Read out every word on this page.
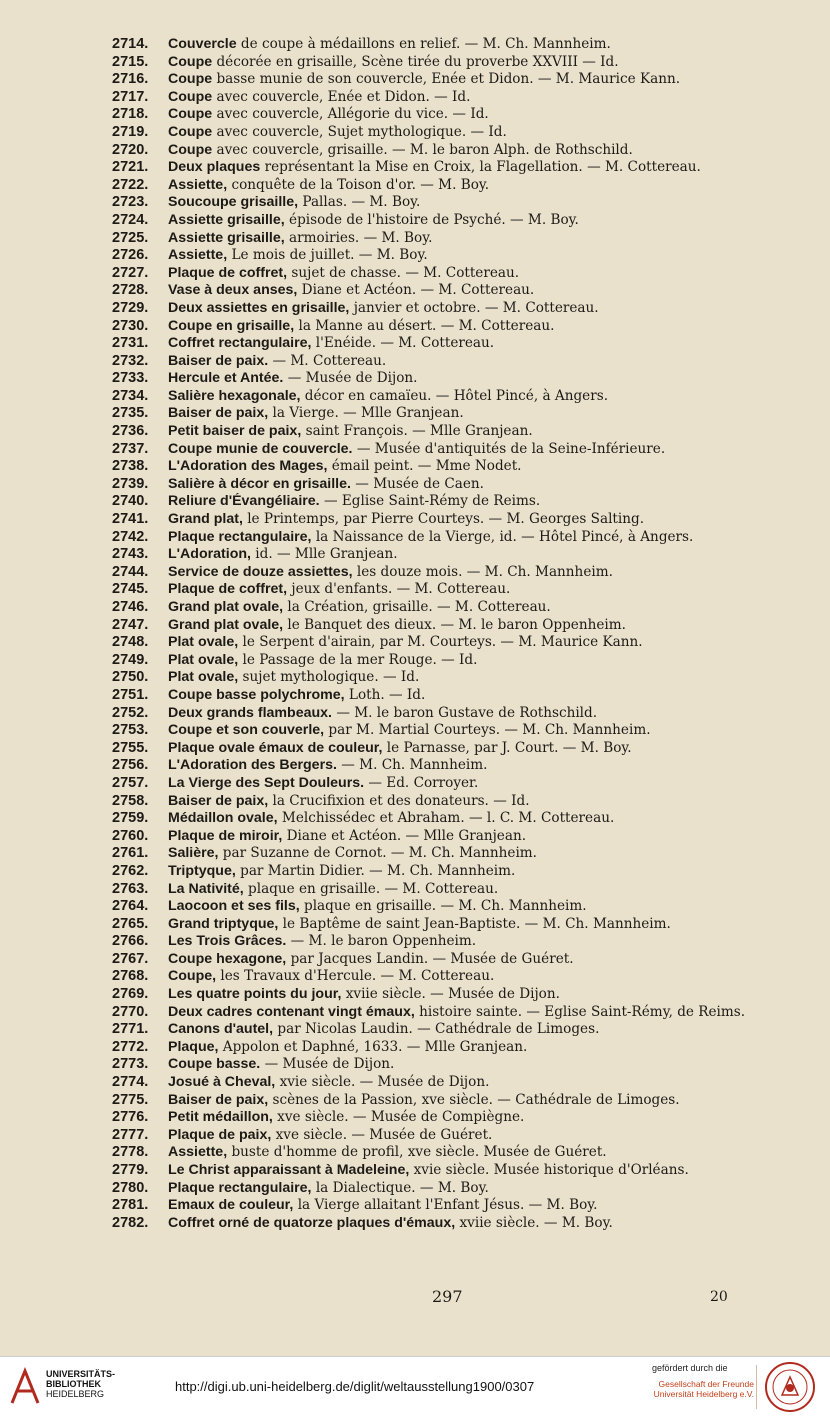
2714.	Couvercle de coupe à médaillons en relief. — M. Ch. Mannheim.
2715.	Coupe décorée en grisaille, Scène tirée du proverbe XXVIII — Id.
2716.	Coupe basse munie de son couvercle, Enée et Didon. — M. Maurice Kann.
2717.	Coupe avec couvercle, Enée et Didon. — Id.
2718.	Coupe avec couvercle, Allégorie du vice. — Id.
2719.	Coupe avec couvercle, Sujet mythologique. — Id.
2720.	Coupe avec couvercle, grisaille. — M. le baron Alph. de Rothschild.
2721.	Deux plaques représentant la Mise en Croix, la Flagellation. — M. Cottereau.
2722.	Assiette, conquête de la Toison d'or. — M. Boy.
2723.	Soucoupe grisaille, Pallas. — M. Boy.
2724.	Assiette grisaille, épisode de l'histoire de Psyché. — M. Boy.
2725.	Assiette grisaille, armoiries. — M. Boy.
2726.	Assiette, Le mois de juillet. — M. Boy.
2727.	Plaque de coffret, sujet de chasse. — M. Cottereau.
2728.	Vase à deux anses, Diane et Actéon. — M. Cottereau.
2729.	Deux assiettes en grisaille, janvier et octobre. — M. Cottereau.
2730.	Coupe en grisaille, la Manne au désert. — M. Cottereau.
2731.	Coffret rectangulaire, l'Enéide. — M. Cottereau.
2732.	Baiser de paix. — M. Cottereau.
2733.	Hercule et Antée. — Musée de Dijon.
2734.	Salière hexagonale, décor en camaïeu. — Hôtel Pincé, à Angers.
2735.	Baiser de paix, la Vierge. — Mlle Granjean.
2736.	Petit baiser de paix, saint François. — Mlle Granjean.
2737.	Coupe munie de couvercle. — Musée d'antiquités de la Seine-Inférieure.
2738.	L'Adoration des Mages, émail peint. — Mme Nodet.
2739.	Salière à décor en grisaille. — Musée de Caen.
2740.	Reliure d'Évangéliaire. — Eglise Saint-Rémy de Reims.
2741.	Grand plat, le Printemps, par Pierre Courteys. — M. Georges Salting.
2742.	Plaque rectangulaire, la Naissance de la Vierge, id. — Hôtel Pincé, à Angers.
2743.	L'Adoration, id. — Mlle Granjean.
2744.	Service de douze assiettes, les douze mois. — M. Ch. Mannheim.
2745.	Plaque de coffret, jeux d'enfants. — M. Cottereau.
2746.	Grand plat ovale, la Création, grisaille. — M. Cottereau.
2747.	Grand plat ovale, le Banquet des dieux. — M. le baron Oppenheim.
2748.	Plat ovale, le Serpent d'airain, par M. Courteys. — M. Maurice Kann.
2749.	Plat ovale, le Passage de la mer Rouge. — Id.
2750.	Plat ovale, sujet mythologique. — Id.
2751.	Coupe basse polychrome, Loth. — Id.
2752.	Deux grands flambeaux. — M. le baron Gustave de Rothschild.
2753.	Coupe et son couverle, par M. Martial Courteys. — M. Ch. Mannheim.
2755.	Plaque ovale émaux de couleur, le Parnasse, par J. Court. — M. Boy.
2756.	L'Adoration des Bergers. — M. Ch. Mannheim.
2757.	La Vierge des Sept Douleurs. — Ed. Corroyer.
2758.	Baiser de paix, la Crucifixion et des donateurs. — Id.
2759.	Médaillon ovale, Melchissédec et Abraham. — l. C. M. Cottereau.
2760.	Plaque de miroir, Diane et Actéon. — Mlle Granjean.
2761.	Salière, par Suzanne de Cornot. — M. Ch. Mannheim.
2762.	Triptyque, par Martin Didier. — M. Ch. Mannheim.
2763.	La Nativité, plaque en grisaille. — M. Cottereau.
2764.	Laocoon et ses fils, plaque en grisaille. — M. Ch. Mannheim.
2765.	Grand triptyque, le Baptême de saint Jean-Baptiste. — M. Ch. Mannheim.
2766.	Les Trois Grâces. — M. le baron Oppenheim.
2767.	Coupe hexagone, par Jacques Landin. — Musée de Guéret.
2768.	Coupe, les Travaux d'Hercule. — M. Cottereau.
2769.	Les quatre points du jour, xviie siècle. — Musée de Dijon.
2770.	Deux cadres contenant vingt émaux, histoire sainte. — Eglise Saint-Rémy, de Reims.
2771.	Canons d'autel, par Nicolas Laudin. — Cathédrale de Limoges.
2772.	Plaque, Appolon et Daphné, 1633. — Mlle Granjean.
2773.	Coupe basse. — Musée de Dijon.
2774.	Josué à Cheval, xvie siècle. — Musée de Dijon.
2775.	Baiser de paix, scènes de la Passion, xve siècle. — Cathédrale de Limoges.
2776.	Petit médaillon, xve siècle. — Musée de Compiègne.
2777.	Plaque de paix, xve siècle. — Musée de Guéret.
2778.	Assiette, buste d'homme de profil, xve siècle. Musée de Guéret.
2779.	Le Christ apparaissant à Madeleine, xvie siècle. Musée historique d'Orléans.
2780.	Plaque rectangulaire, la Dialectique. — M. Boy.
2781.	Emaux de couleur, la Vierge allaitant l'Enfant Jésus. — M. Boy.
2782.	Coffret orné de quatorze plaques d'émaux, xviie siècle. — M. Boy.
297	20
UNIVERSITÄTS-
BIBLIOTHEK
HEIDELBERG	http://digi.ub.uni-heidelberg.de/diglit/weltausstellung1900/0307
gefördert durch die
Gesellschaft der Freunde
Universität Heidelberg e.V.
